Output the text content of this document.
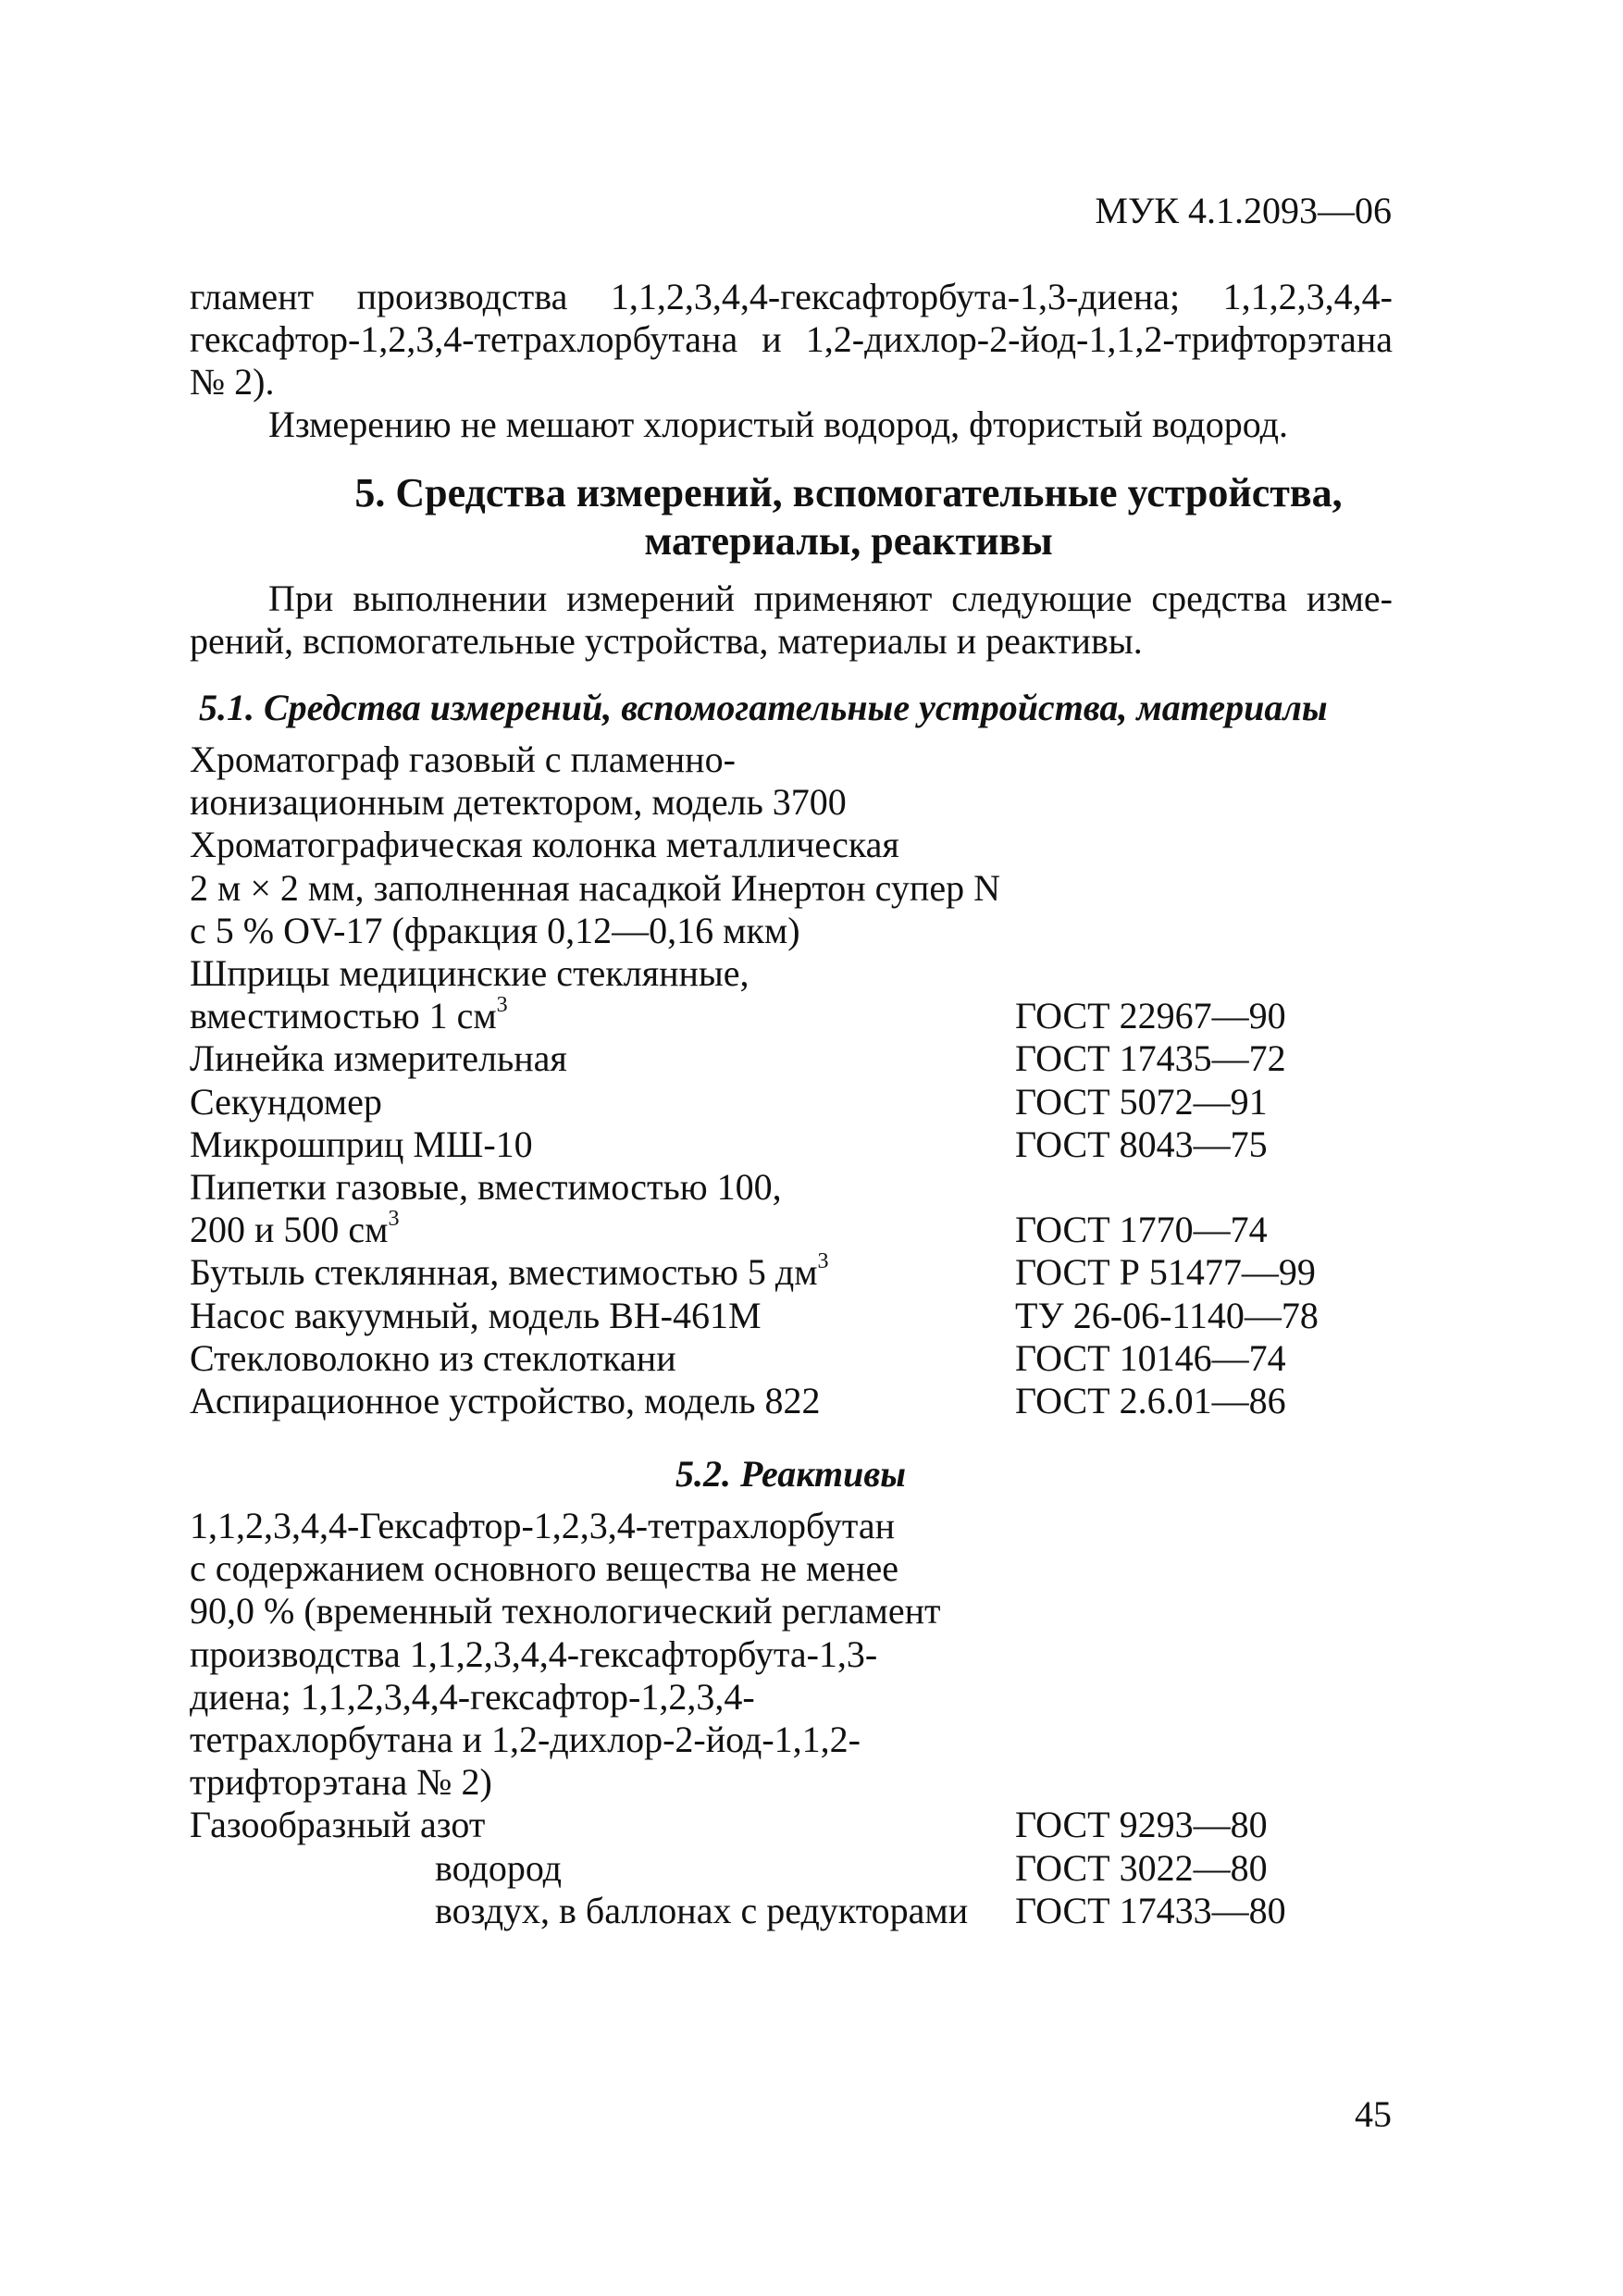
МУК 4.1.2093—06
гламент производства 1,1,2,3,4,4-гексафторбута-1,3-диена; 1,1,2,3,4,4-
гексафтор-1,2,3,4-тетрахлорбутана и 1,2-дихлор-2-йод-1,1,2-трифторэтана
№ 2).
Измерению не мешают хлористый водород, фтористый водород.
5. Средства измерений, вспомогательные устройства,
материалы, реактивы
При выполнении измерений применяют следующие средства изме-
рений, вспомогательные устройства, материалы и реактивы.
5.1. Средства измерений, вспомогательные устройства, материалы
Хроматограф газовый с пламенно-
ионизационным детектором, модель 3700
Хроматографическая колонка металлическая
2 м × 2 мм, заполненная насадкой Инертон супер N
с 5 % OV-17 (фракция 0,12—0,16 мкм)
Шприцы медицинские стеклянные,
вместимостью 1 $см^3$	ГОСТ 22967—90
Линейка измерительная	ГОСТ 17435—72
Секундомер	ГОСТ 5072—91
Микрошприц МШ-10	ГОСТ 8043—75
Пипетки газовые, вместимостью 100,
200 и 500 $см^3$	ГОСТ 1770—74
Бутыль стеклянная, вместимостью 5 $дм^3$	ГОСТ Р 51477—99
Насос вакуумный, модель ВН-461М	ТУ 26-06-1140—78
Стекловолокно из стеклоткани	ГОСТ 10146—74
Аспирационное устройство, модель 822	ГОСТ 2.6.01—86
5.2. Реактивы
1,1,2,3,4,4-Гексафтор-1,2,3,4-тетрахлорбутан
с содержанием основного вещества не менее
90,0 % (временный технологический регламент
производства 1,1,2,3,4,4-гексафторбута-1,3-
диена; 1,1,2,3,4,4-гексафтор-1,2,3,4-
тетрахлорбутана и 1,2-дихлор-2-йод-1,1,2-
трифторэтана № 2)
Газообразный азот	ГОСТ 9293—80
водород	ГОСТ 3022—80
воздух, в баллонах с редукторами ГОСТ 17433—80
45
